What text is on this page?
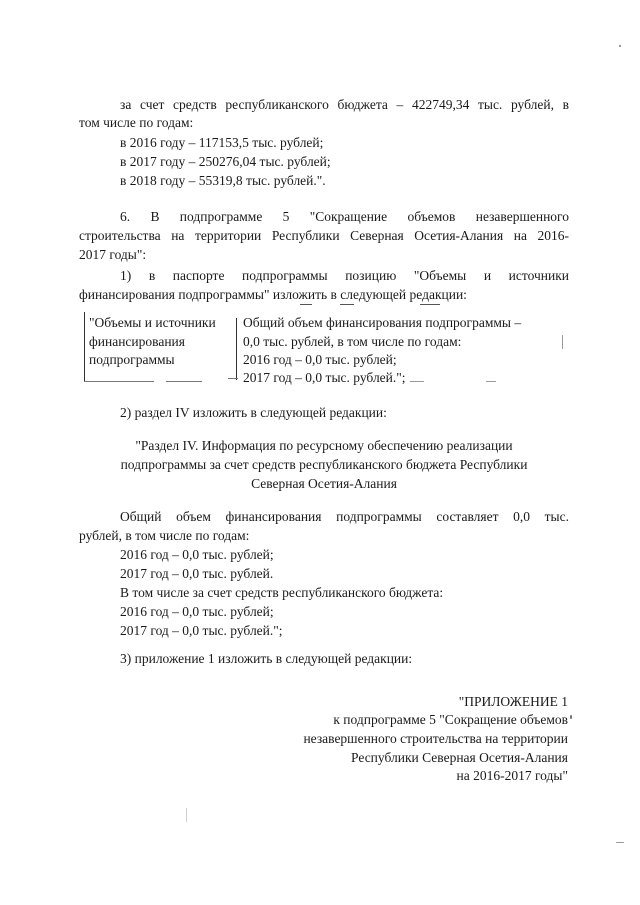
за счет средств республиканского бюджета – 422749,34 тыс. рублей, в
том числе по годам:
в 2016 году – 117153,5 тыс. рублей;
в 2017 году – 250276,04 тыс. рублей;
в 2018 году – 55319,8 тыс. рублей.".
6. В подпрограмме 5 "Сокращение объемов незавершенного
строительства на территории Республики Северная Осетия-Алания на 2016-
2017 годы":
1) в паспорте подпрограммы позицию "Объемы и источники
финансирования подпрограммы" изложить в следующей редакции:
"Объемы и источники
финансирования
подпрограммы
Общий объем финансирования подпрограммы –
0,0 тыс. рублей, в том числе по годам:
2016 год – 0,0 тыс. рублей;
2017 год – 0,0 тыс. рублей.";
2) раздел IV изложить в следующей редакции:
"Раздел IV. Информация по ресурсному обеспечению реализации
подпрограммы за счет средств республиканского бюджета Республики
Северная Осетия-Алания
Общий объем финансирования подпрограммы составляет 0,0 тыс.
рублей, в том числе по годам:
2016 год – 0,0 тыс. рублей;
2017 год – 0,0 тыс. рублей.
В том числе за счет средств республиканского бюджета:
2016 год – 0,0 тыс. рублей;
2017 год – 0,0 тыс. рублей.";
3) приложение 1 изложить в следующей редакции:
"ПРИЛОЖЕНИЕ 1
к подпрограмме 5 "Сокращение объемов
незавершенного строительства на территории
Республики Северная Осетия-Алания
на 2016-2017 годы"
